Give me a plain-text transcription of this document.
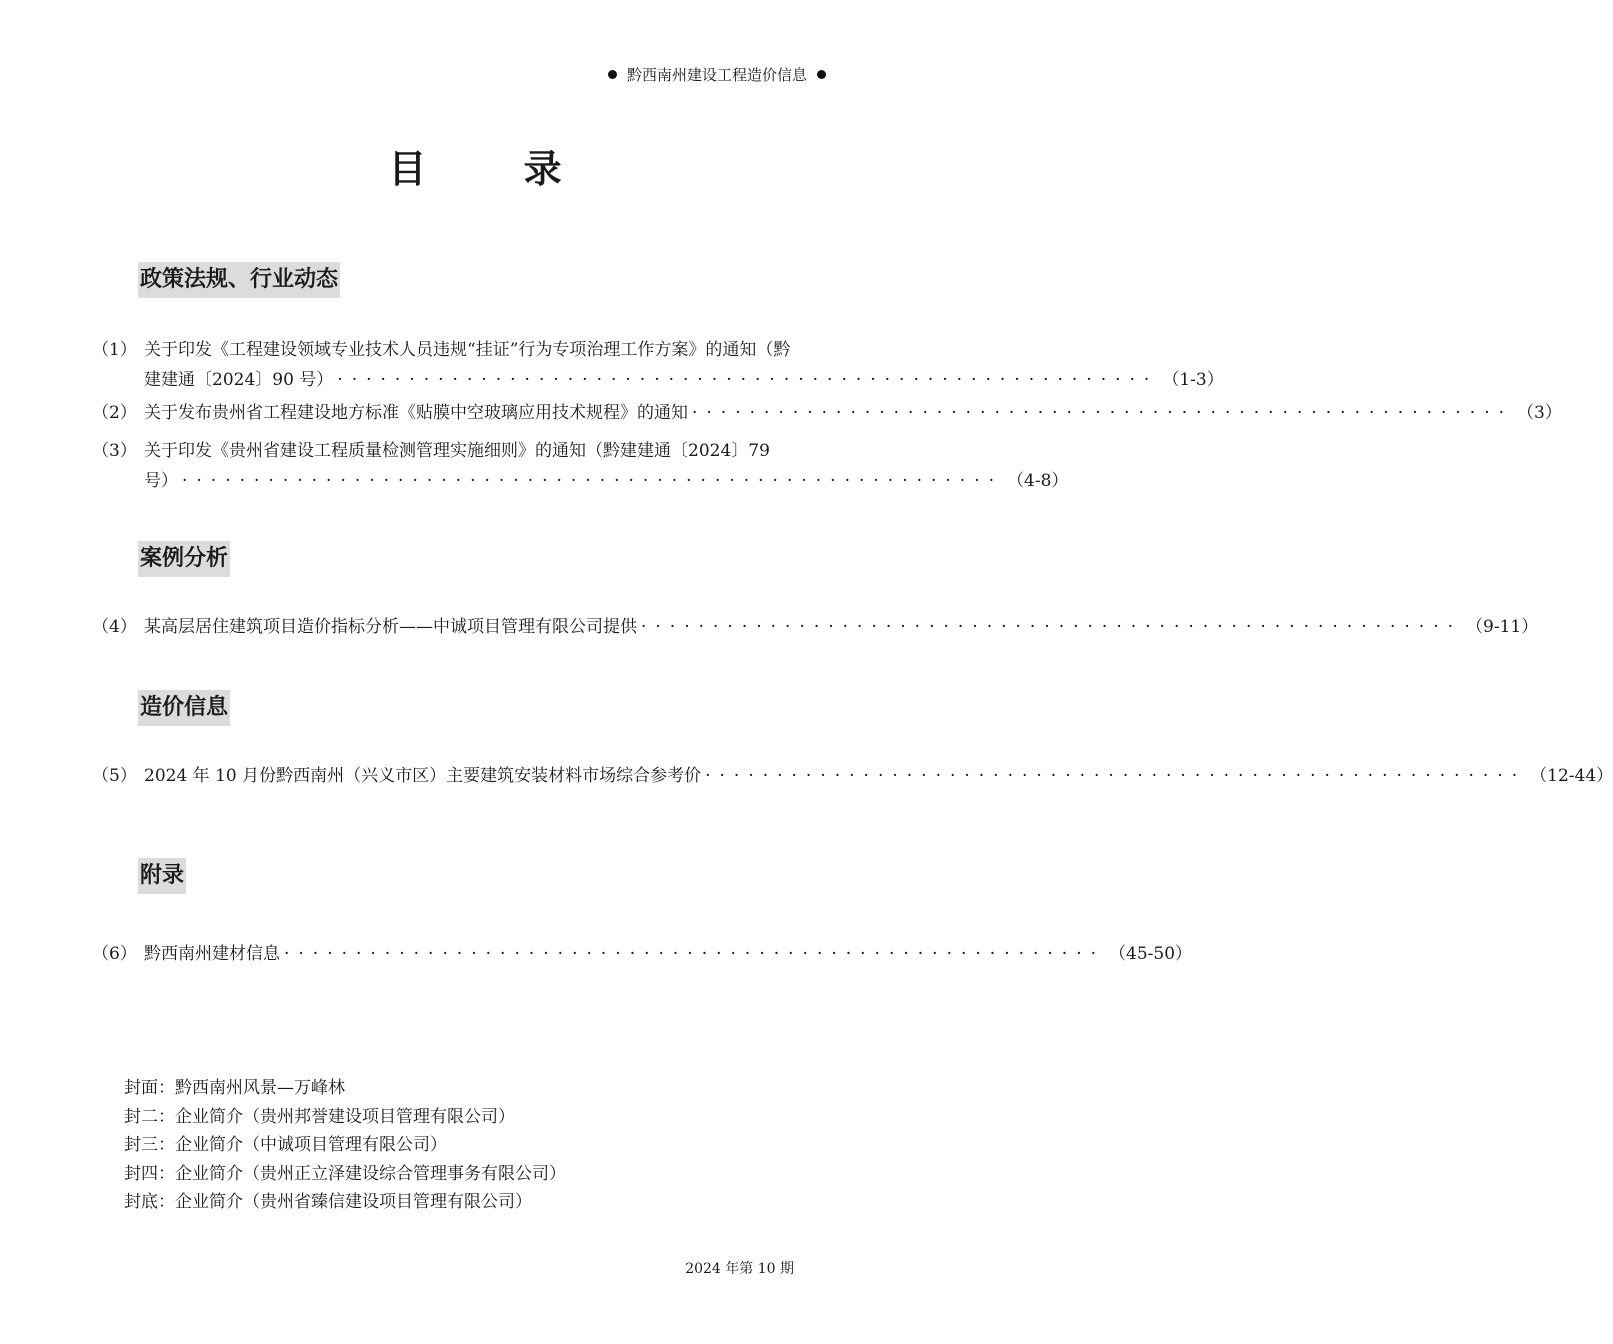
黔西南州建设工程造价信息
目 录
政策法规、行业动态
（1） 关于印发《工程建设领域专业技术人员违规“挂证”行为专项治理工作方案》的通知（黔
建建通〔2024〕90 号） ························································· （1-3）
（2） 关于发布贵州省工程建设地方标准《贴膜中空玻璃应用技术规程》的通知 ························································· （3）
（3） 关于印发《贵州省建设工程质量检测管理实施细则》的通知（黔建建通〔2024〕79
号） ························································· （4-8）
案例分析
（4） 某高层居住建筑项目造价指标分析——中诚项目管理有限公司提供 ························································· （9-11）
造价信息
（5） 2024 年 10 月份黔西南州（兴义市区）主要建筑安装材料市场综合参考价 ························································· （12-44）
附录
（6） 黔西南州建材信息 ························································· （45-50）
封面：黔西南州风景—万峰林
封二：企业简介（贵州邦誉建设项目管理有限公司）
封三：企业简介（中诚项目管理有限公司）
封四：企业简介（贵州正立泽建设综合管理事务有限公司）
封底：企业简介（贵州省臻信建设项目管理有限公司）
2024 年第 10 期
